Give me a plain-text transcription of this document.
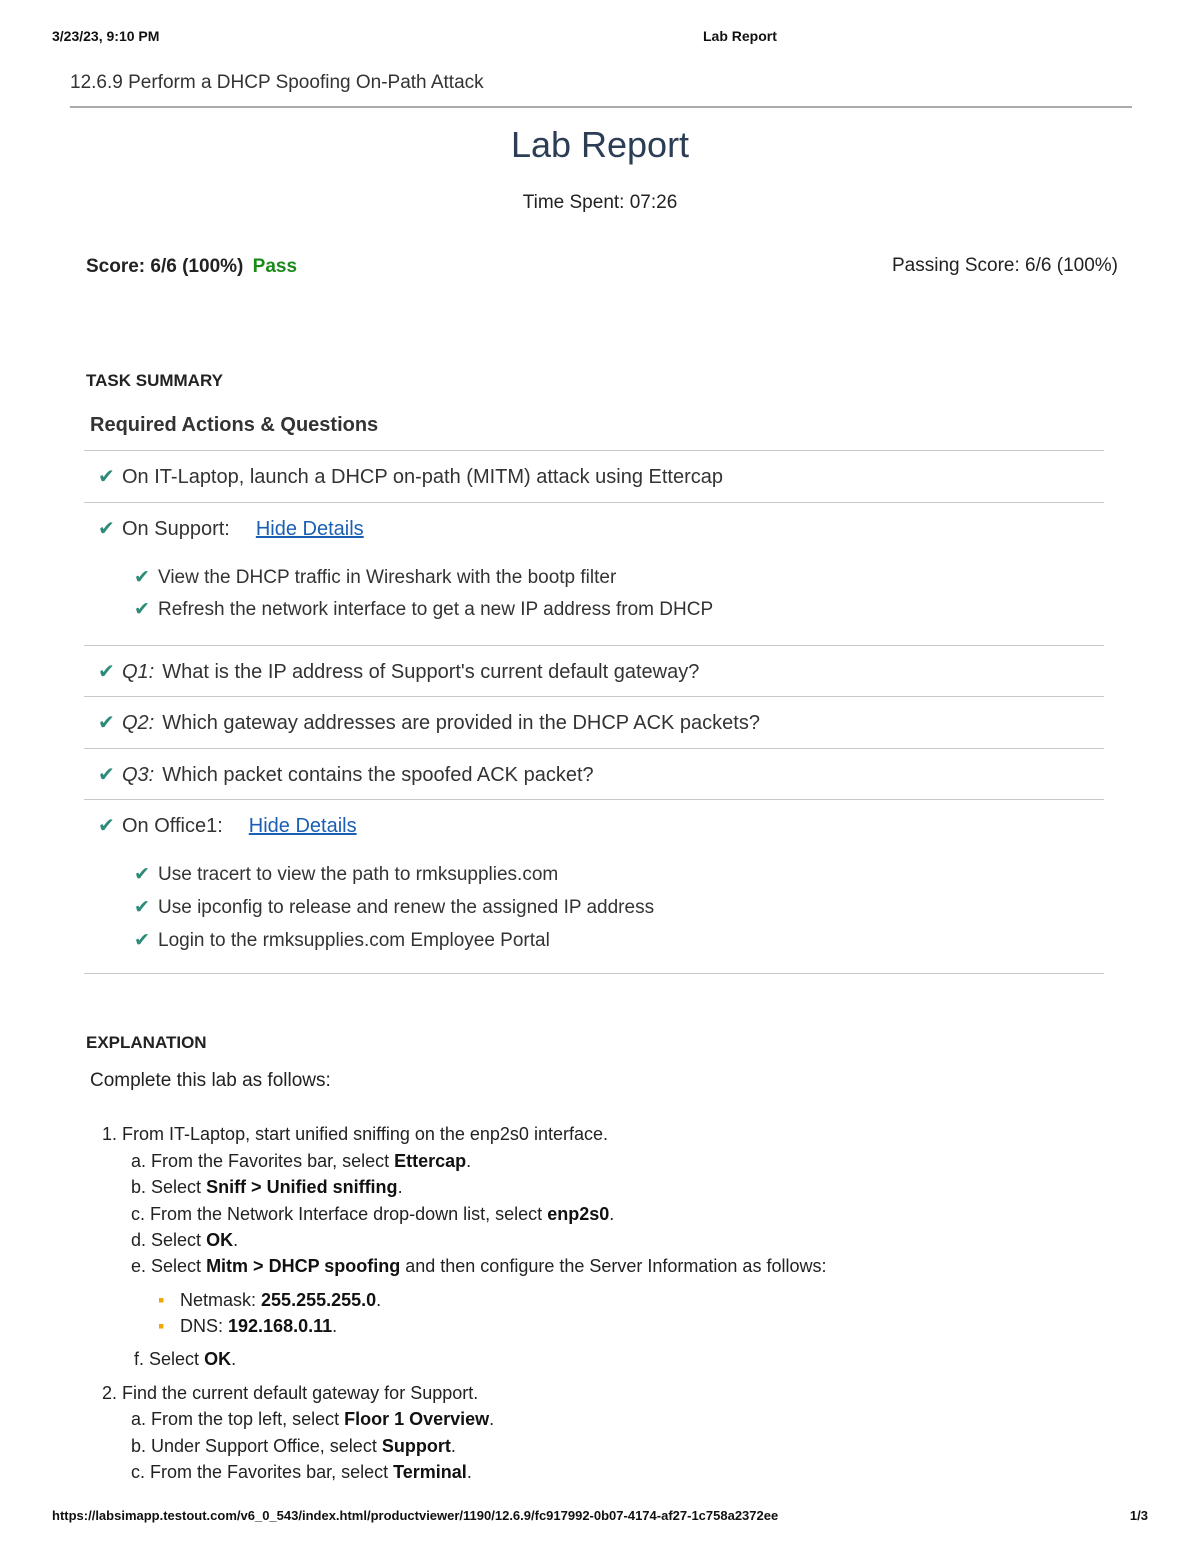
3/23/23, 9:10 PM	Lab Report
12.6.9 Perform a DHCP Spoofing On-Path Attack
Lab Report
Time Spent: 07:26
Score: 6/6 (100%) Pass	Passing Score: 6/6 (100%)
TASK SUMMARY
Required Actions & Questions
✔ On IT-Laptop, launch a DHCP on-path (MITM) attack using Ettercap
✔ On Support: Hide Details
✔ View the DHCP traffic in Wireshark with the bootp filter
✔ Refresh the network interface to get a new IP address from DHCP
✔ Q1: What is the IP address of Support's current default gateway?
✔ Q2: Which gateway addresses are provided in the DHCP ACK packets?
✔ Q3: Which packet contains the spoofed ACK packet?
✔ On Office1: Hide Details
✔ Use tracert to view the path to rmksupplies.com
✔ Use ipconfig to release and renew the assigned IP address
✔ Login to the rmksupplies.com Employee Portal
EXPLANATION
Complete this lab as follows:
1. From IT-Laptop, start unified sniffing on the enp2s0 interface.
a. From the Favorites bar, select Ettercap.
b. Select Sniff > Unified sniffing.
c. From the Network Interface drop-down list, select enp2s0.
d. Select OK.
e. Select Mitm > DHCP spoofing and then configure the Server Information as follows:
▪ Netmask: 255.255.255.0.
▪ DNS: 192.168.0.11.
f. Select OK.
2. Find the current default gateway for Support.
a. From the top left, select Floor 1 Overview.
b. Under Support Office, select Support.
c. From the Favorites bar, select Terminal.
https://labsimapp.testout.com/v6_0_543/index.html/productviewer/1190/12.6.9/fc917992-0b07-4174-af27-1c758a2372ee	1/3
